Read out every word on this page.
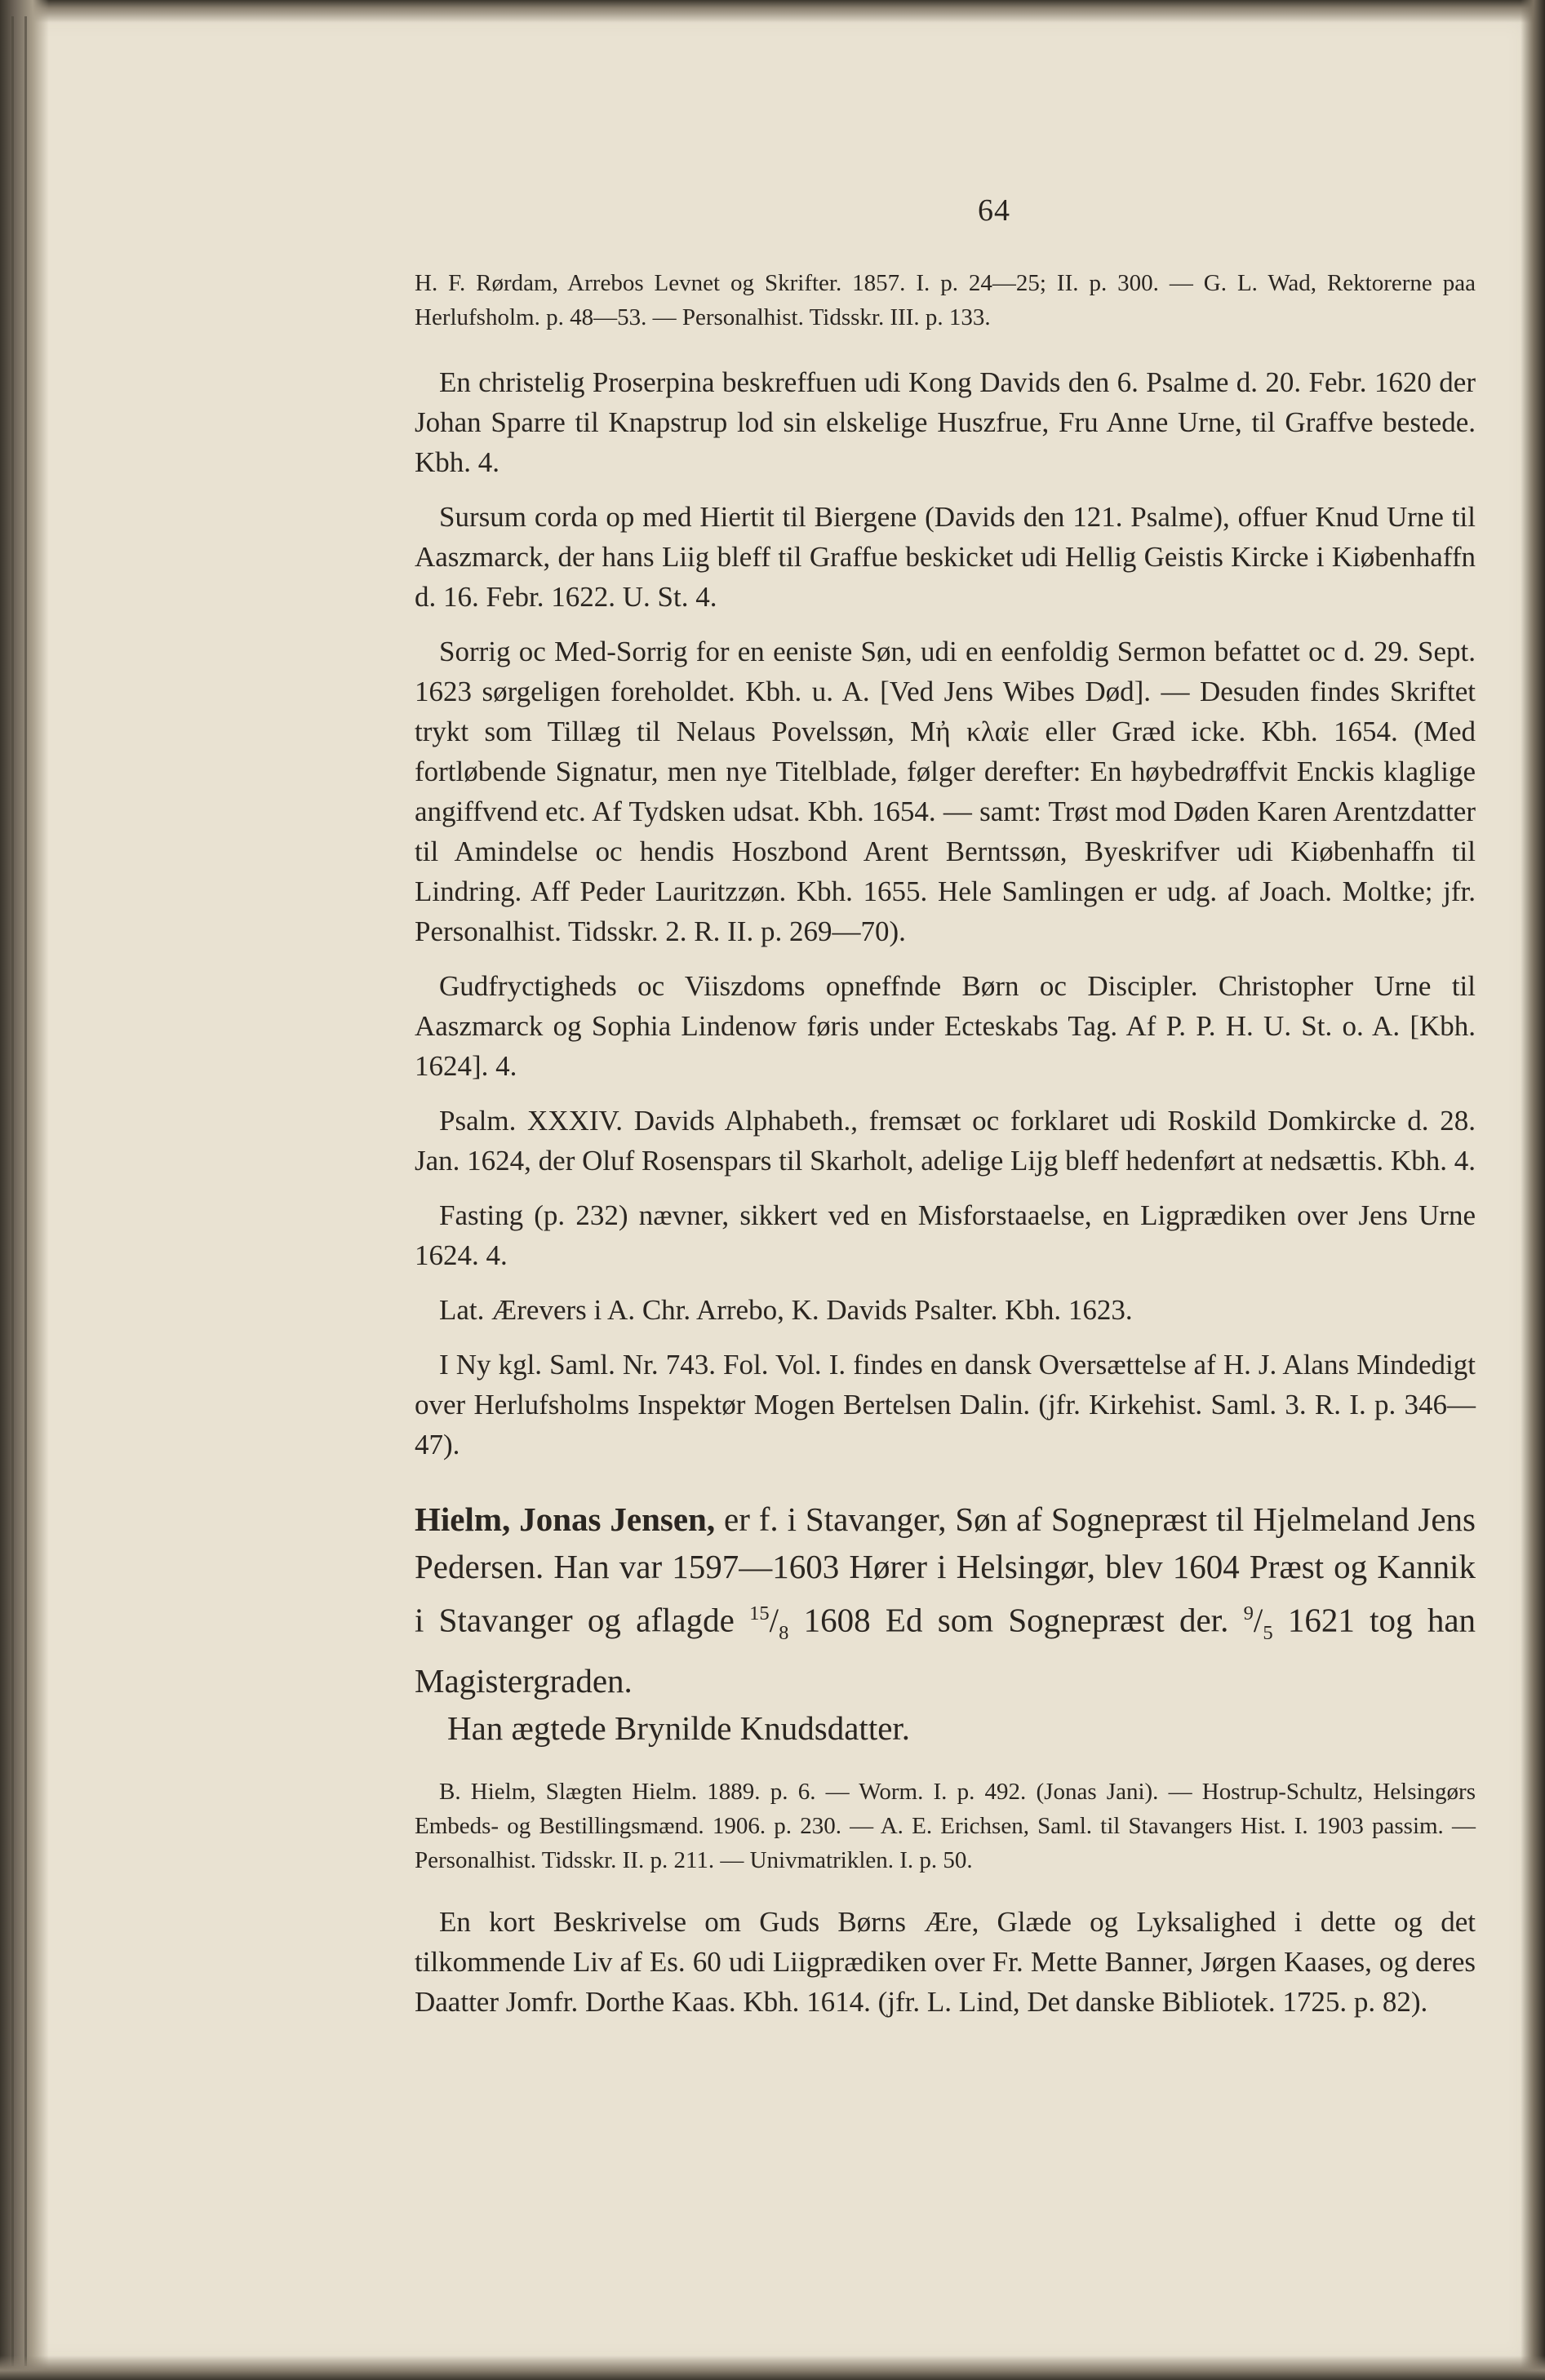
64

H. F. Rørdam, Arrebos Levnet og Skrifter. 1857. I. p. 24—25; II. p. 300. — G. L. Wad, Rektorerne paa Herlufsholm. p. 48—53. — Personalhist. Tidsskr. III. p. 133.

En christelig Proserpina beskreffuen udi Kong Davids den 6. Psalme d. 20. Febr. 1620 der Johan Sparre til Knapstrup lod sin elskelige Huszfrue, Fru Anne Urne, til Graffve bestede. Kbh. 4.

Sursum corda op med Hiertit til Biergene (Davids den 121. Psalme), offuer Knud Urne til Aaszmarck, der hans Liig bleff til Graffue beskicket udi Hellig Geistis Kircke i Kiøbenhaffn d. 16. Febr. 1622. U. St. 4.

Sorrig oc Med-Sorrig for en eeniste Søn, udi en eenfoldig Sermon befattet oc d. 29. Sept. 1623 sørgeligen foreholdet. Kbh. u. A. [Ved Jens Wibes Død]. — Desuden findes Skriftet trykt som Tillæg til Nelaus Povelssøn, Mἠ κλαἰε eller Græd icke. Kbh. 1654. (Med fortløbende Signatur, men nye Titelblade, følger derefter: En høybedrøffvit Enckis klaglige angiffvend etc. Af Tydsken udsat. Kbh. 1654. — samt: Trøst mod Døden Karen Arentzdatter til Amindelse oc hendis Hoszbond Arent Berntssøn, Byeskrifver udi Kiøbenhaffn til Lindring. Aff Peder Lauritzzøn. Kbh. 1655. Hele Samlingen er udg. af Joach. Moltke; jfr. Personalhist. Tidsskr. 2. R. II. p. 269—70).

Gudfryctigheds oc Viiszdoms opneffnde Børn oc Discipler. Christopher Urne til Aaszmarck og Sophia Lindenow føris under Ecteskabs Tag. Af P. P. H. U. St. o. A. [Kbh. 1624]. 4.

Psalm. XXXIV. Davids Alphabeth., fremsæt oc forklaret udi Roskild Domkircke d. 28. Jan. 1624, der Oluf Rosenspars til Skarholt, adelige Lijg bleff hedenført at nedsættis. Kbh. 4.

Fasting (p. 232) nævner, sikkert ved en Misforstaaelse, en Ligprædiken over Jens Urne 1624. 4.

Lat. Ærevers i A. Chr. Arrebo, K. Davids Psalter. Kbh. 1623.

I Ny kgl. Saml. Nr. 743. Fol. Vol. I. findes en dansk Oversættelse af H. J. Alans Mindedigt over Herlufsholms Inspektør Mogen Bertelsen Dalin. (jfr. Kirkehist. Saml. 3. R. I. p. 346—47).

Hielm, Jonas Jensen, er f. i Stavanger, Søn af Sognepræst til Hjelmeland Jens Pedersen. Han var 1597—1603 Hører i Helsingør, blev 1604 Præst og Kannik i Stavanger og aflagde $^{15}/_8$ 1608 Ed som Sognepræst der. $^9/_5$ 1621 tog han Magistergraden.
Han ægtede Brynilde Knudsdatter.

B. Hielm, Slægten Hielm. 1889. p. 6. — Worm. I. p. 492. (Jonas Jani). — Hostrup-Schultz, Helsingørs Embeds- og Bestillingsmænd. 1906. p. 230. — A. E. Erichsen, Saml. til Stavangers Hist. I. 1903 passim. — Personalhist. Tidsskr. II. p. 211. — Univmatriklen. I. p. 50.

En kort Beskrivelse om Guds Børns Ære, Glæde og Lyksalighed i dette og det tilkommende Liv af Es. 60 udi Liigprædiken over Fr. Mette Banner, Jørgen Kaases, og deres Daatter Jomfr. Dorthe Kaas. Kbh. 1614. (jfr. L. Lind, Det danske Bibliotek. 1725. p. 82).
